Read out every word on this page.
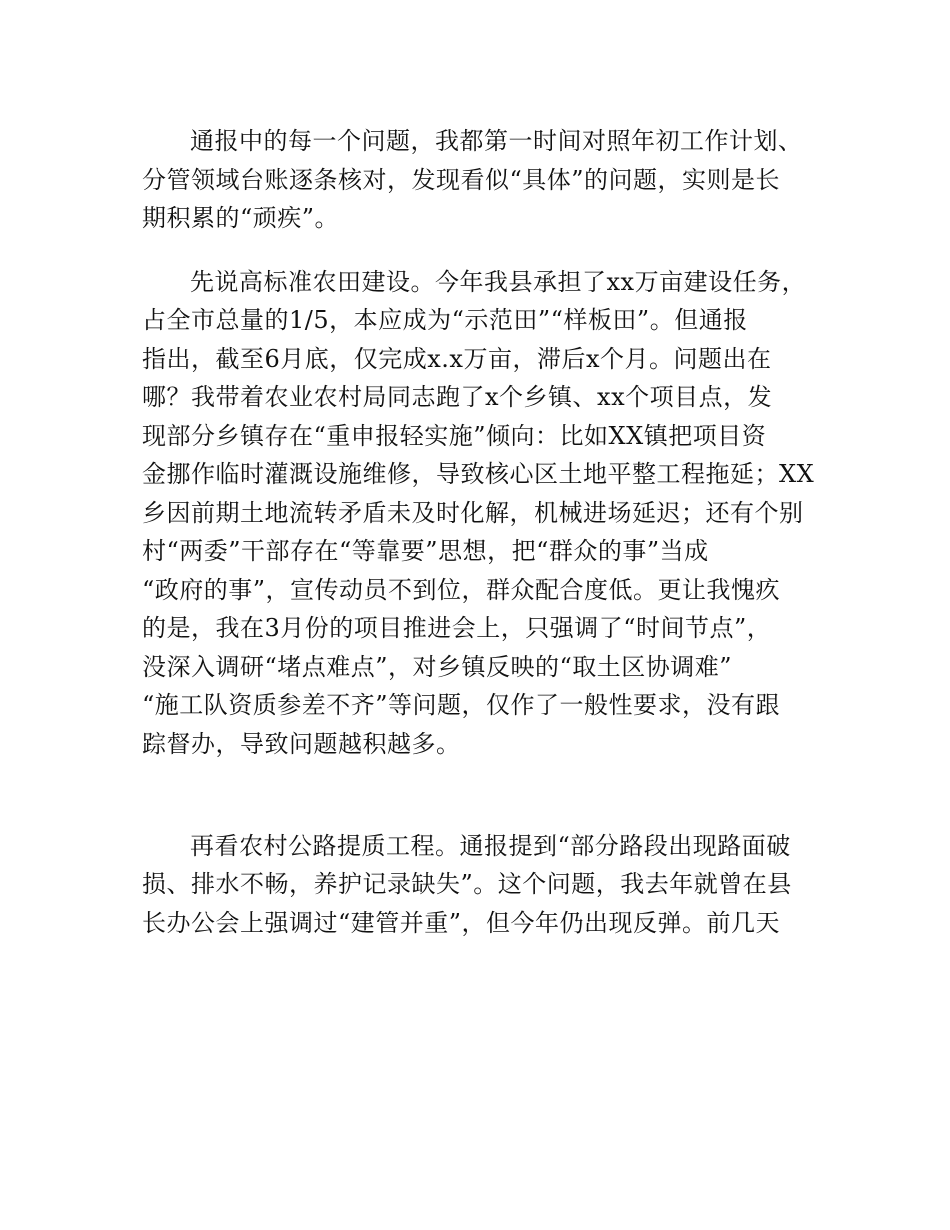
通报中的每一个问题，我都第一时间对照年初工作计划、
分管领域台账逐条核对，发现看似“具体”的问题，实则是长
期积累的“顽疾”。
先说高标准农田建设。今年我县承担了xx万亩建设任务，
占全市总量的1/5，本应成为“示范田”“样板田”。但通报
指出，截至6月底，仅完成x.x万亩，滞后x个月。问题出在
哪？我带着农业农村局同志跑了x个乡镇、xx个项目点，发
现部分乡镇存在“重申报轻实施”倾向：比如XX镇把项目资
金挪作临时灌溉设施维修，导致核心区土地平整工程拖延；XX
乡因前期土地流转矛盾未及时化解，机械进场延迟；还有个别
村“两委”干部存在“等靠要”思想，把“群众的事”当成
“政府的事”，宣传动员不到位，群众配合度低。更让我愧疚
的是，我在3月份的项目推进会上，只强调了“时间节点”，
没深入调研“堵点难点”，对乡镇反映的“取土区协调难”
“施工队资质参差不齐”等问题，仅作了一般性要求，没有跟
踪督办，导致问题越积越多。
再看农村公路提质工程。通报提到“部分路段出现路面破
损、排水不畅，养护记录缺失”。这个问题，我去年就曾在县
长办公会上强调过“建管并重”，但今年仍出现反弹。前几天
